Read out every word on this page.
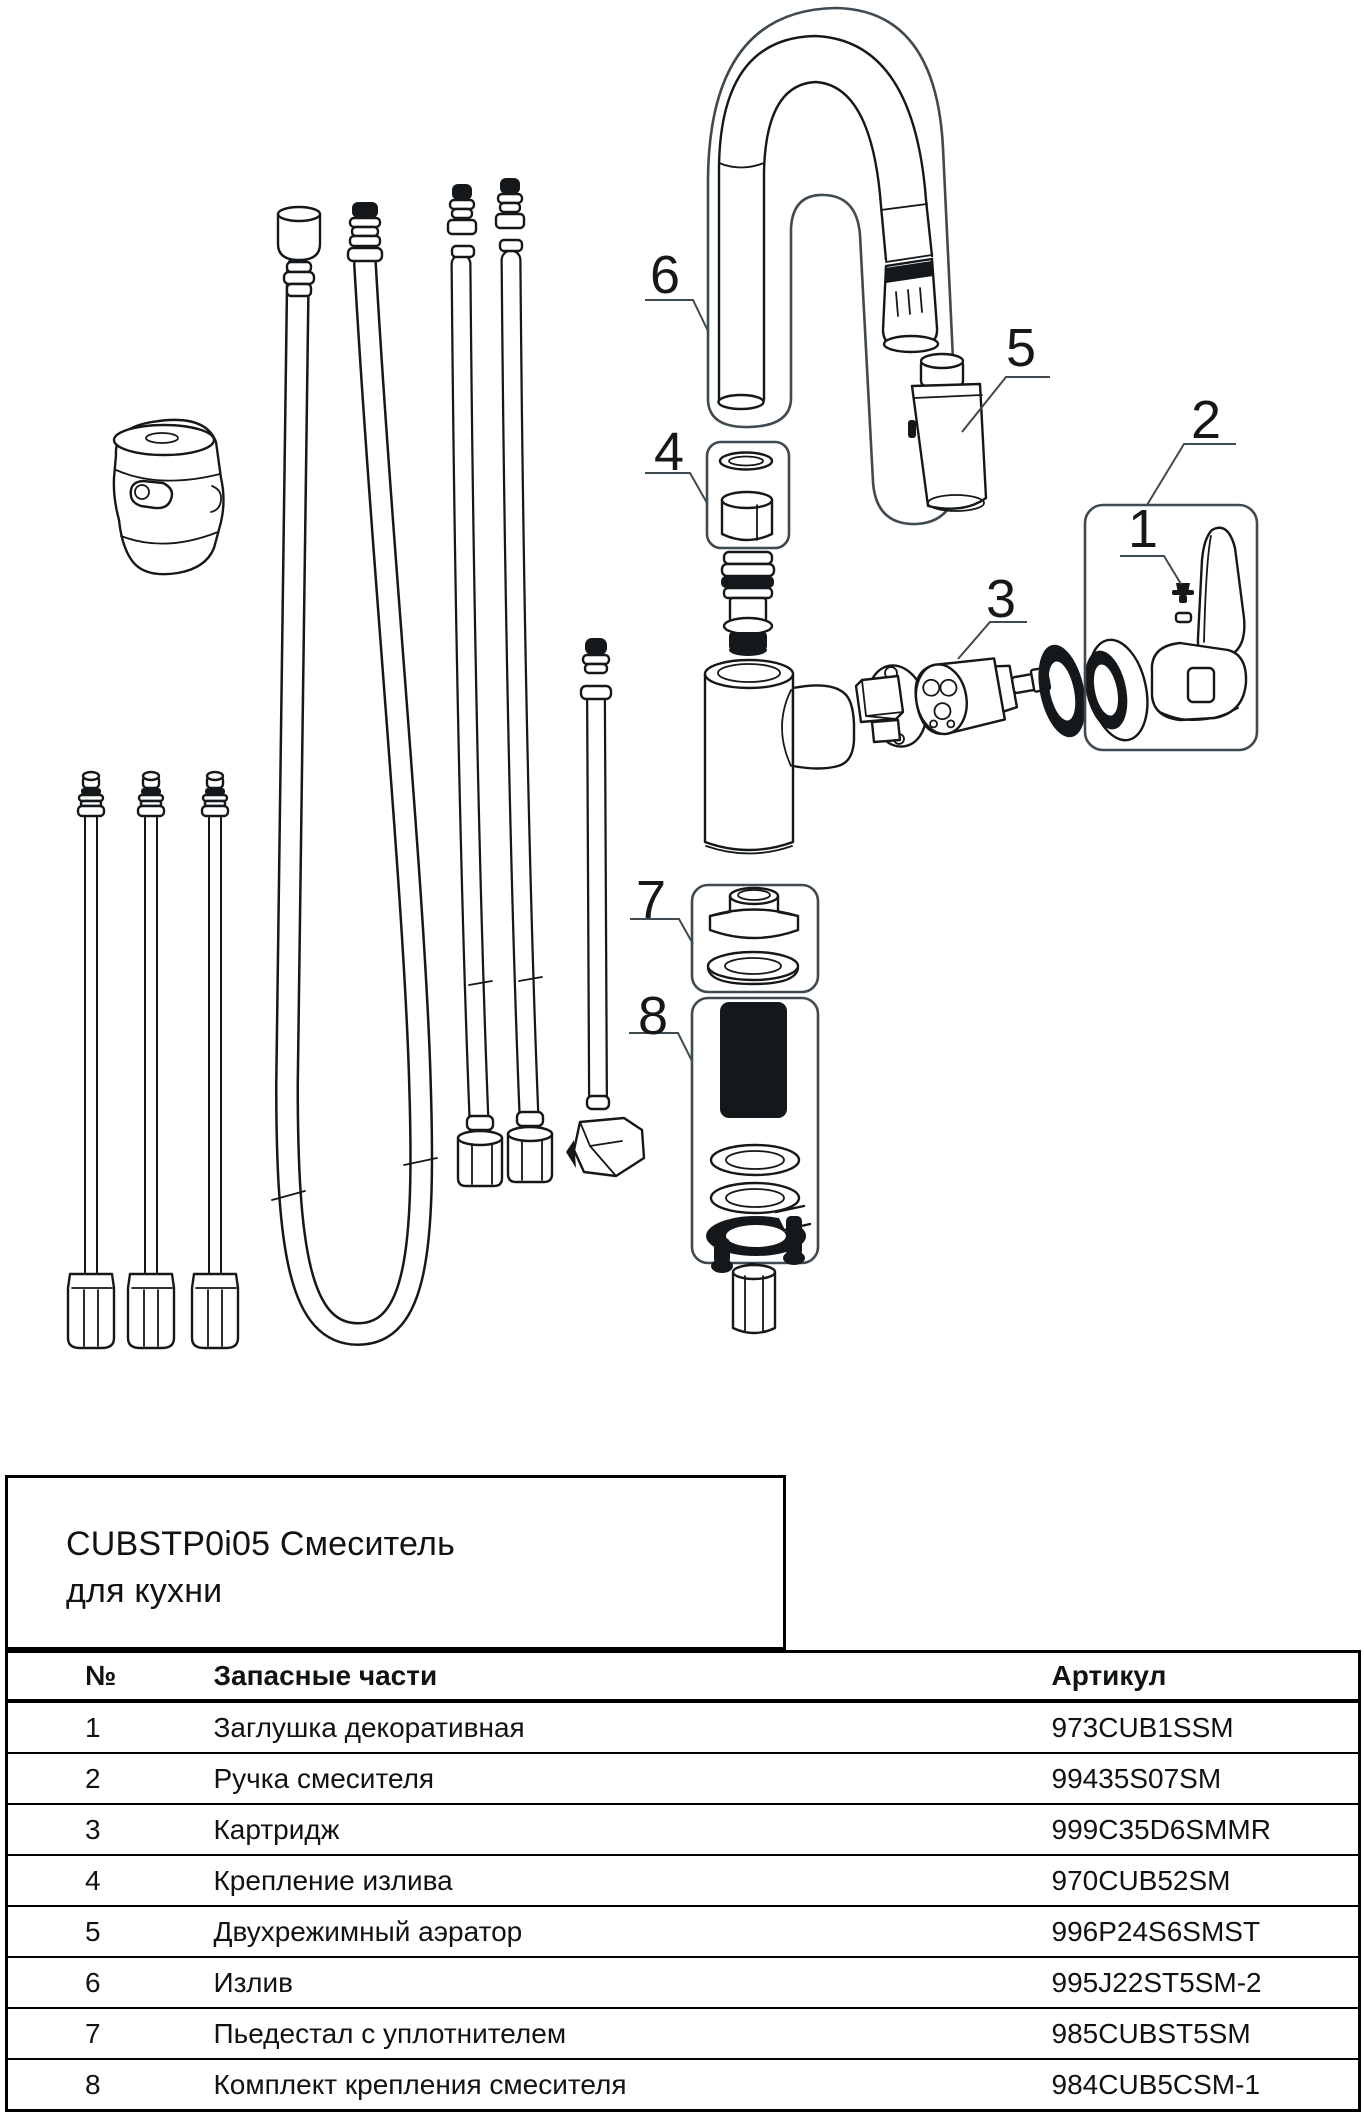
1
2
3
4
5
6
7
8
CUBSTP0i05 Смеситель
для кухни
№	Запасные части	Артикул
1	Заглушка декоративная	973CUB1SSM
2	Ручка смесителя	99435S07SM
3	Картридж	999C35D6SMMR
4	Крепление излива	970CUB52SM
5	Двухрежимный аэратор	996P24S6SMST
6	Излив	995J22ST5SM-2
7	Пьедестал с уплотнителем	985CUBST5SM
8	Комплект крепления смесителя	984CUB5CSM-1
